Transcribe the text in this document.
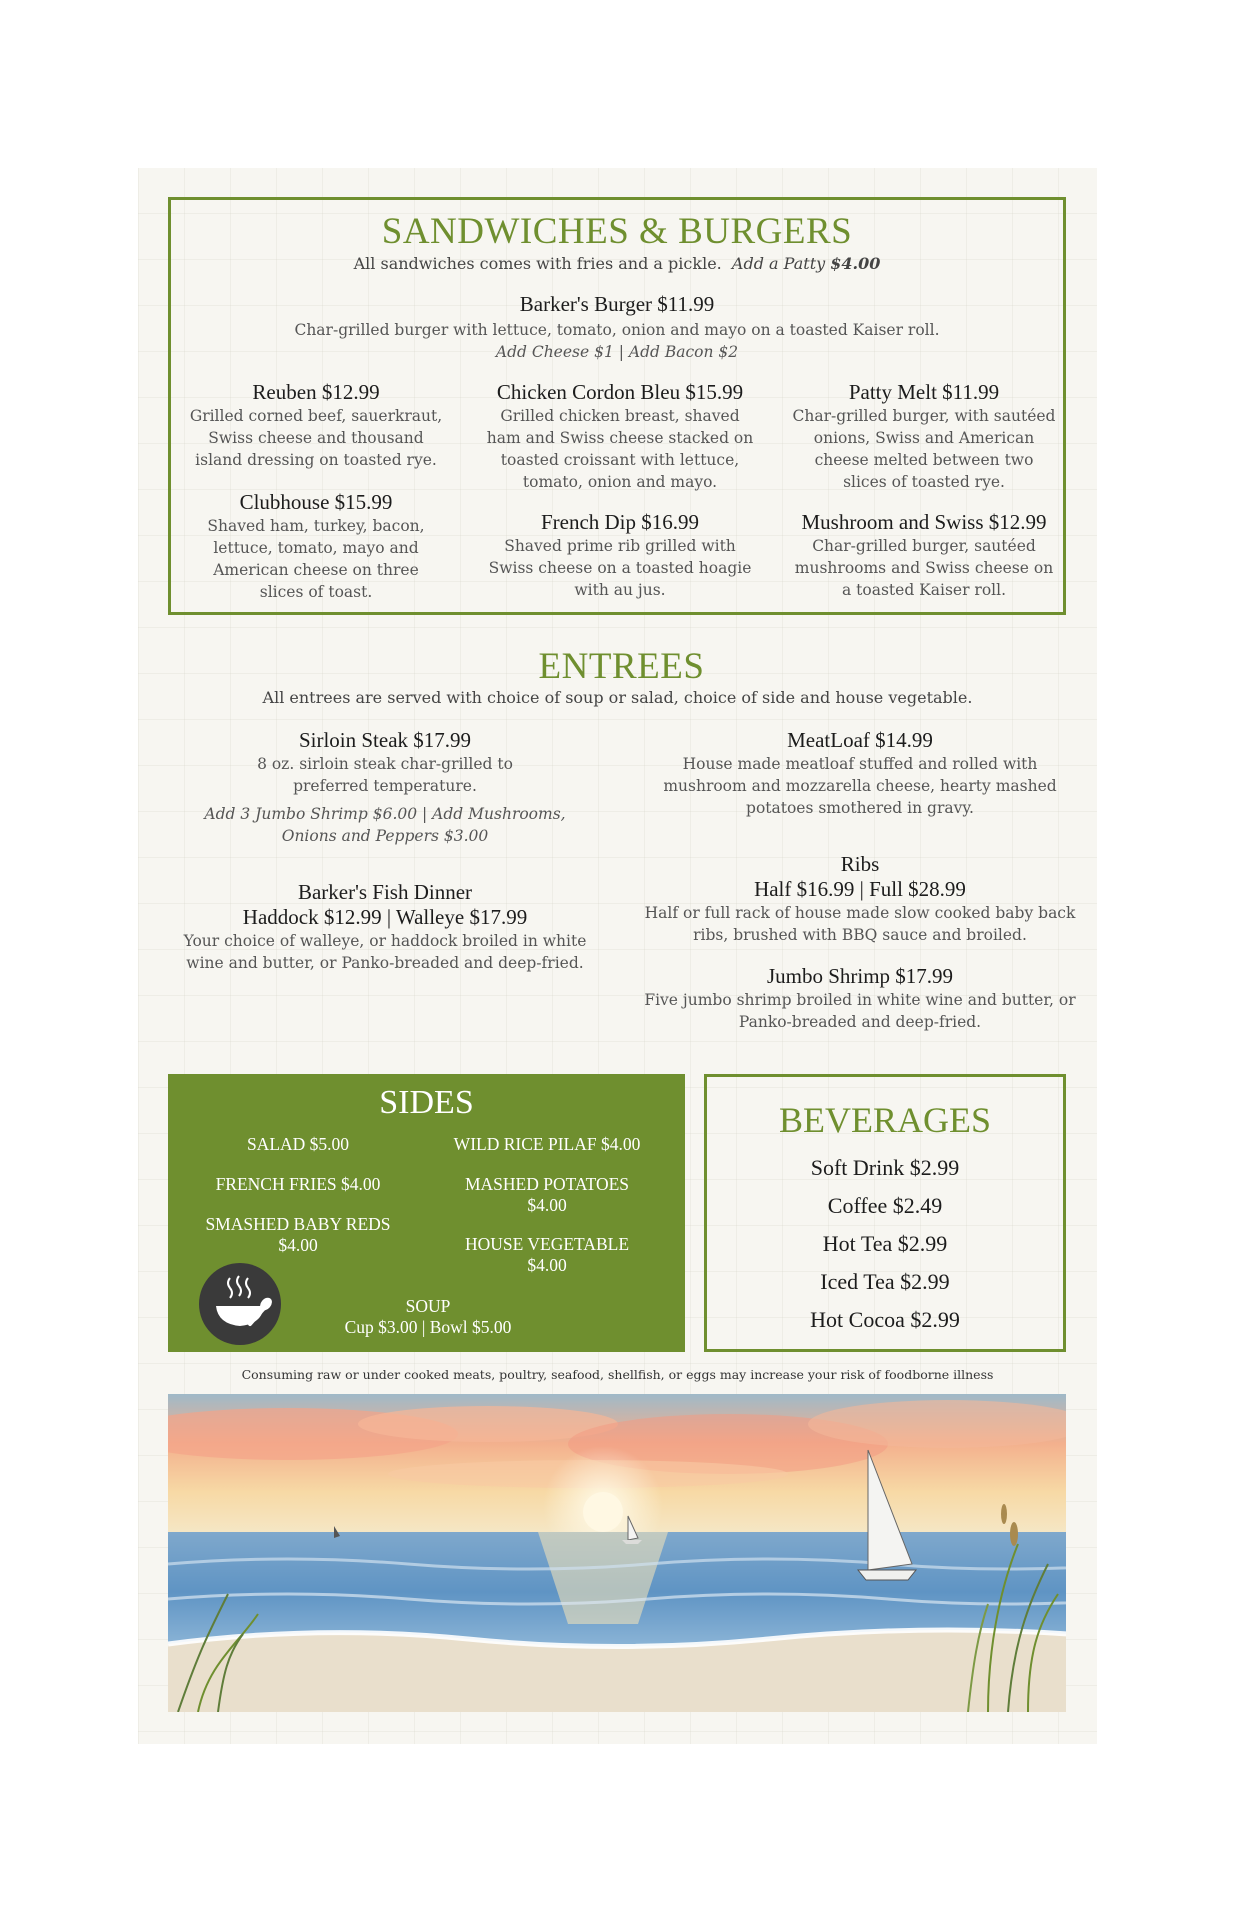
SANDWICHES & BURGERS
All sandwiches comes with fries and a pickle. Add a Patty $4.00
Barker's Burger $11.99
Char-grilled burger with lettuce, tomato, onion and mayo on a toasted Kaiser roll.
Add Cheese $1 | Add Bacon $2
Reuben $12.99
Grilled corned beef, sauerkraut, Swiss cheese and thousand island dressing on toasted rye.
Chicken Cordon Bleu $15.99
Grilled chicken breast, shaved ham and Swiss cheese stacked on toasted croissant with lettuce, tomato, onion and mayo.
Patty Melt $11.99
Char-grilled burger, with sautéed onions, Swiss and American cheese melted between two slices of toasted rye.
Clubhouse $15.99
Shaved ham, turkey, bacon, lettuce, tomato, mayo and American cheese on three slices of toast.
French Dip $16.99
Shaved prime rib grilled with Swiss cheese on a toasted hoagie with au jus.
Mushroom and Swiss $12.99
Char-grilled burger, sautéed mushrooms and Swiss cheese on a toasted Kaiser roll.
ENTREES
All entrees are served with choice of soup or salad, choice of side and house vegetable.
Sirloin Steak $17.99
8 oz. sirloin steak char-grilled to preferred temperature.
Add 3 Jumbo Shrimp $6.00 | Add Mushrooms, Onions and Peppers $3.00
Barker's Fish Dinner
Haddock $12.99 | Walleye $17.99
Your choice of walleye, or haddock broiled in white wine and butter, or Panko-breaded and deep-fried.
MeatLoaf $14.99
House made meatloaf stuffed and rolled with mushroom and mozzarella cheese, hearty mashed potatoes smothered in gravy.
Ribs
Half $16.99 | Full $28.99
Half or full rack of house made slow cooked baby back ribs, brushed with BBQ sauce and broiled.
Jumbo Shrimp $17.99
Five jumbo shrimp broiled in white wine and butter, or Panko-breaded and deep-fried.
SIDES
SALAD $5.00	WILD RICE PILAF $4.00
FRENCH FRIES $4.00	MASHED POTATOES
$4.00
SMASHED BABY REDS
$4.00	HOUSE VEGETABLE
$4.00
SOUP
Cup $3.00 | Bowl $5.00
BEVERAGES
Soft Drink $2.99
Coffee $2.49
Hot Tea $2.99
Iced Tea $2.99
Hot Cocoa $2.99
Consuming raw or under cooked meats, poultry, seafood, shellfish, or eggs may increase your risk of foodborne illness
